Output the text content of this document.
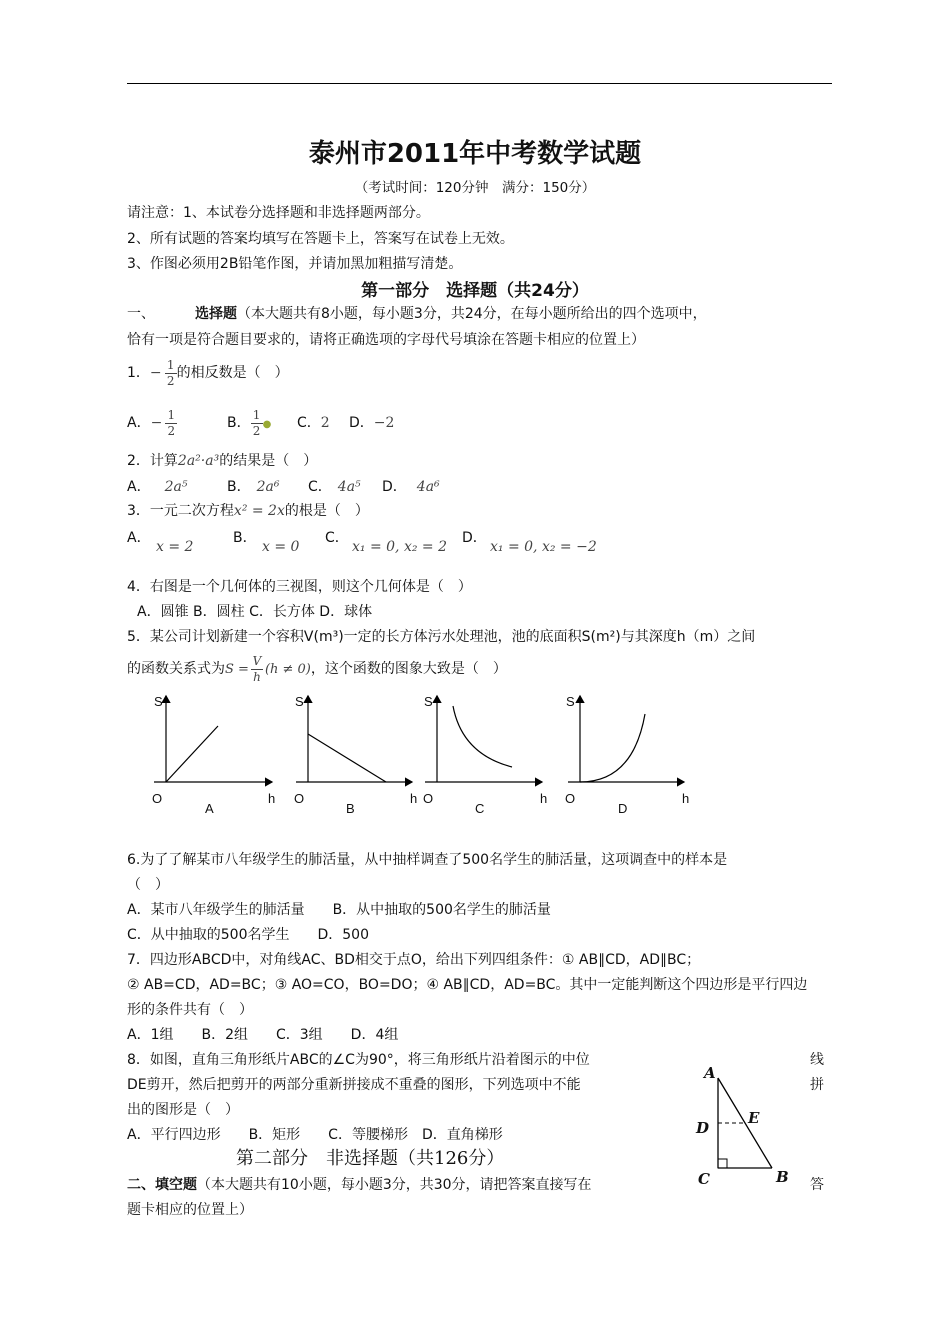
泰州市2011年中考数学试题
（考试时间：120分钟　满分：150分）
请注意：1、本试卷分选择题和非选择题两部分。
2、所有试题的答案均填写在答题卡上，答案写在试卷上无效。
3、作图必须用2B铅笔作图，并请加黑加粗描写清楚。
第一部分　选择题（共24分）
一、	选择题（本大题共有8小题，每小题3分，共24分，在每小题所给出的四个选项中，
恰有一项是符合题目要求的，请将正确选项的字母代号填涂在答题卡相应的位置上）
1．− $\frac{1}{2}$ 的相反数是（　）
A．− $\frac{1}{2}$	B． $\frac{1}{2}$ ● C．2 D．−2
2．计算2a²·a³的结果是（　）
A． 2a⁵	B． 2a⁶ C． 4a⁵ D． 4a⁶
3．一元二次方程x² = 2x的根是（　）
A．
x = 2
B．
x = 0
C．
x₁ = 0, x₂ = 2
D．
x₁ = 0, x₂ = −2
4．右图是一个几何体的三视图，则这个几何体是（　）
A．圆锥 B．圆柱 C．长方体 D．球体
5．某公司计划新建一个容积V(m³)一定的长方体污水处理池，池的底面积S(m²)与其深度h（m）之间
的函数关系式为$S = \frac{V}{h} (h \ne 0)$，这个函数的图象大致是（　）
S
O	h
A
S
O	h
B
S
O	h
C
S
O	h
D
6.为了了解某市八年级学生的肺活量，从中抽样调查了500名学生的肺活量，这项调查中的样本是
（　）
A．某市八年级学生的肺活量　　B．从中抽取的500名学生的肺活量
C．从中抽取的500名学生　　D．500
7．四边形ABCD中，对角线AC、BD相交于点O，给出下列四组条件：① AB∥CD，AD∥BC；
② AB=CD，AD=BC；③ AO=CO，BO=DO；④ AB∥CD，AD=BC。其中一定能判断这个四边形是平行四边
形的条件共有（　）
A．1组　　B．2组　　C．3组　　D．4组
8．如图，直角三角形纸片ABC的∠C为90°，将三角形纸片沿着图示的中位	线
DE剪开，然后把剪开的两部分重新拼接成不重叠的图形，下列选项中不能	拼
出的图形是（　）
A．平行四边形　　B．矩形　　C．等腰梯形　D．直角梯形
A
D
E
C	B
第二部分　非选择题（共126分）
二、填空题（本大题共有10小题，每小题3分，共30分，请把答案直接写在	答
题卡相应的位置上）
